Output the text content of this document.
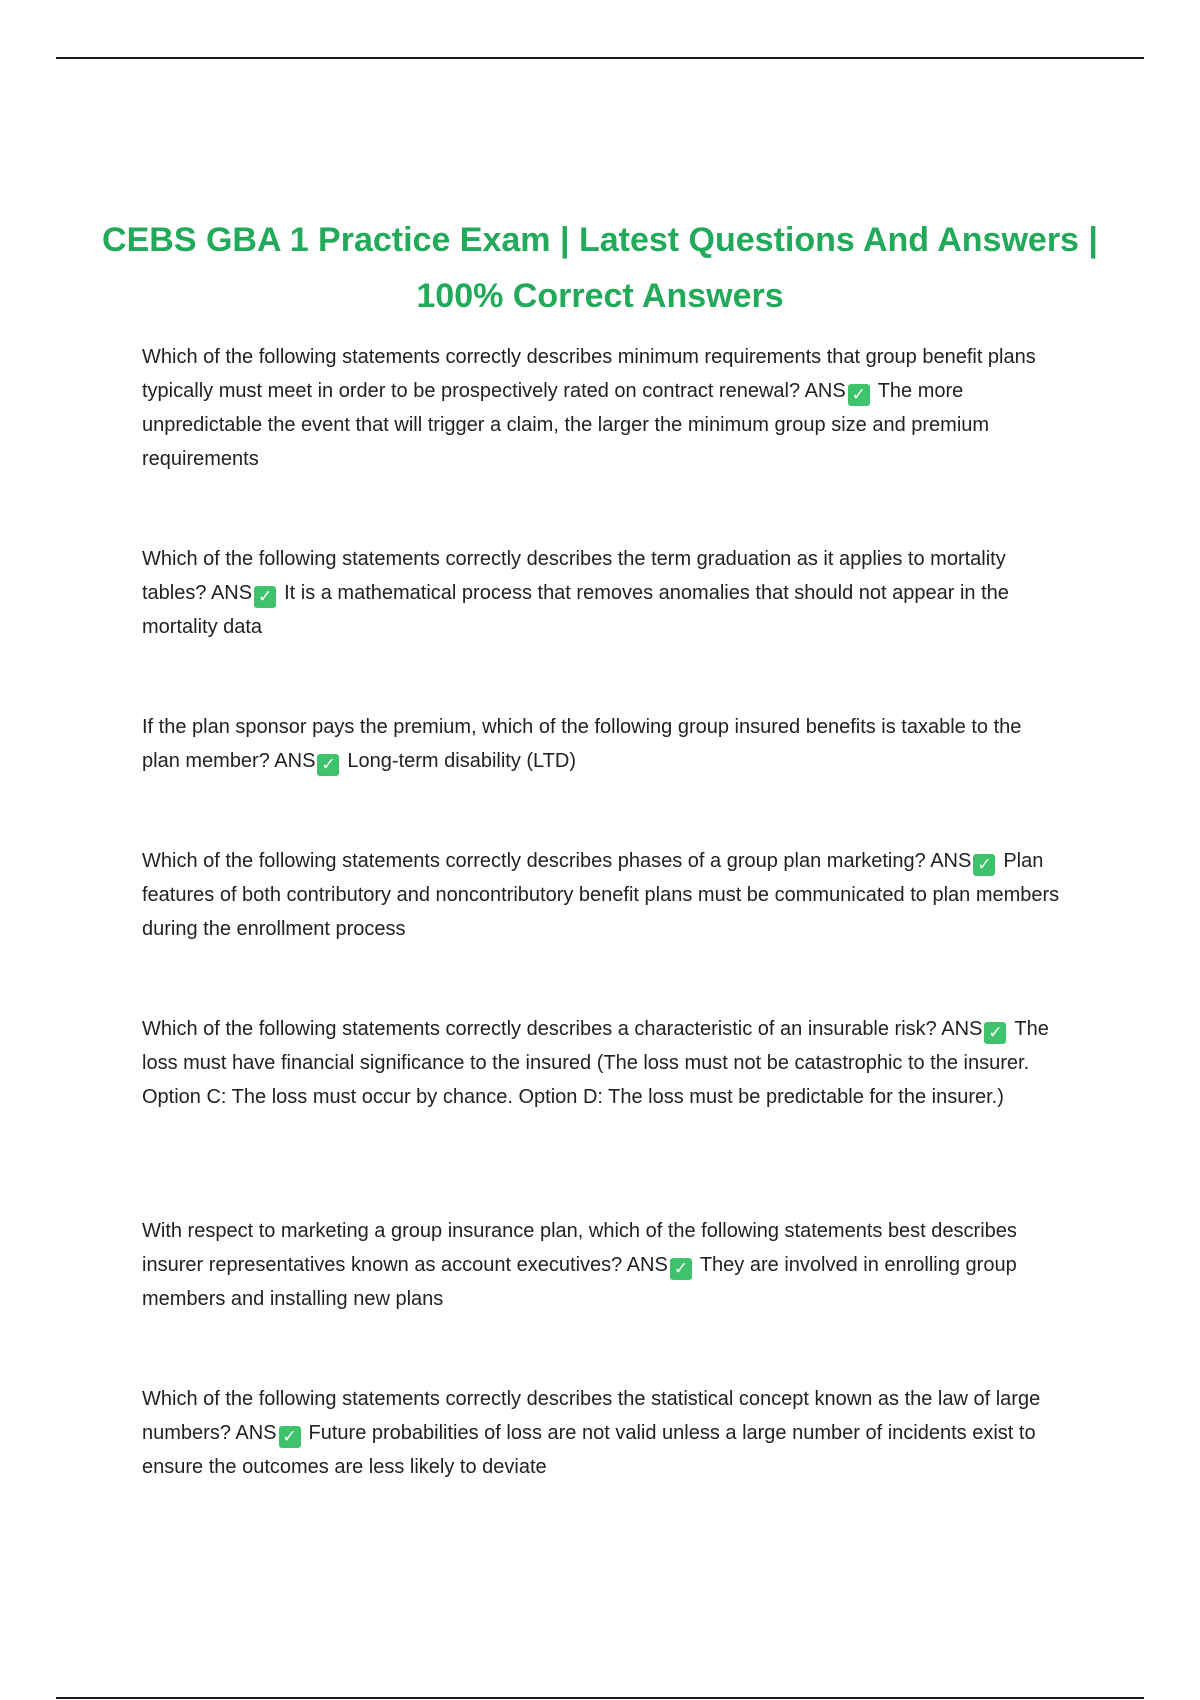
CEBS GBA 1 Practice Exam | Latest Questions And Answers | 100% Correct Answers

Which of the following statements correctly describes minimum requirements that group benefit plans typically must meet in order to be prospectively rated on contract renewal? ANS ✓ The more unpredictable the event that will trigger a claim, the larger the minimum group size and premium requirements

Which of the following statements correctly describes the term graduation as it applies to mortality tables? ANS ✓ It is a mathematical process that removes anomalies that should not appear in the mortality data

If the plan sponsor pays the premium, which of the following group insured benefits is taxable to the plan member? ANS ✓ Long-term disability (LTD)

Which of the following statements correctly describes phases of a group plan marketing? ANS ✓ Plan features of both contributory and noncontributory benefit plans must be communicated to plan members during the enrollment process

Which of the following statements correctly describes a characteristic of an insurable risk? ANS ✓ The loss must have financial significance to the insured (The loss must not be catastrophic to the insurer. Option C: The loss must occur by chance. Option D: The loss must be predictable for the insurer.)

With respect to marketing a group insurance plan, which of the following statements best describes insurer representatives known as account executives? ANS ✓ They are involved in enrolling group members and installing new plans

Which of the following statements correctly describes the statistical concept known as the law of large numbers? ANS ✓ Future probabilities of loss are not valid unless a large number of incidents exist to ensure the outcomes are less likely to deviate
